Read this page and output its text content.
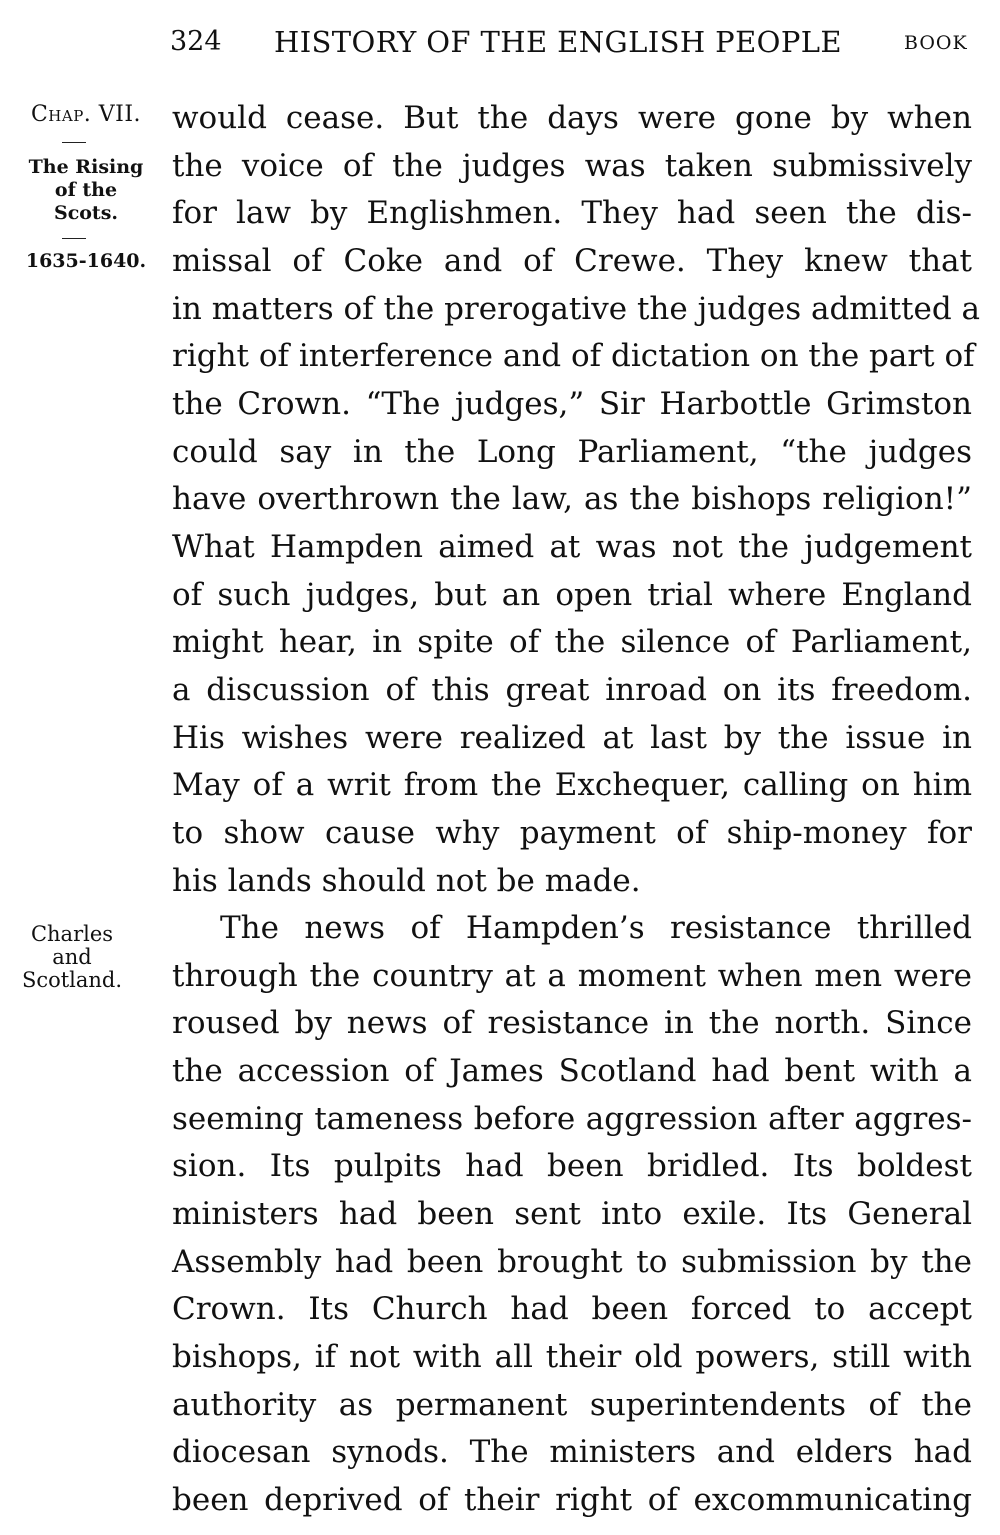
324 HISTORY OF THE ENGLISH PEOPLE	BOOK
Chap. VII.
The Rising
of the
Scots.
1635-1640.
Charles
and
Scotland.
would cease. But the days were gone by when
the voice of the judges was taken submissively
for law by Englishmen. They had seen the dis-
missal of Coke and of Crewe. They knew that
in matters of the prerogative the judges admitted a
right of interference and of dictation on the part of
the Crown. “The judges,” Sir Harbottle Grimston
could say in the Long Parliament, “the judges
have overthrown the law, as the bishops religion!”
What Hampden aimed at was not the judgement
of such judges, but an open trial where England
might hear, in spite of the silence of Parliament,
a discussion of this great inroad on its freedom.
His wishes were realized at last by the issue in
May of a writ from the Exchequer, calling on him
to show cause why payment of ship-money for
his lands should not be made.
The news of Hampden’s resistance thrilled
through the country at a moment when men were
roused by news of resistance in the north. Since
the accession of James Scotland had bent with a
seeming tameness before aggression after aggres-
sion. Its pulpits had been bridled. Its boldest
ministers had been sent into exile. Its General
Assembly had been brought to submission by the
Crown. Its Church had been forced to accept
bishops, if not with all their old powers, still with
authority as permanent superintendents of the
diocesan synods. The ministers and elders had
been deprived of their right of excommunicating
